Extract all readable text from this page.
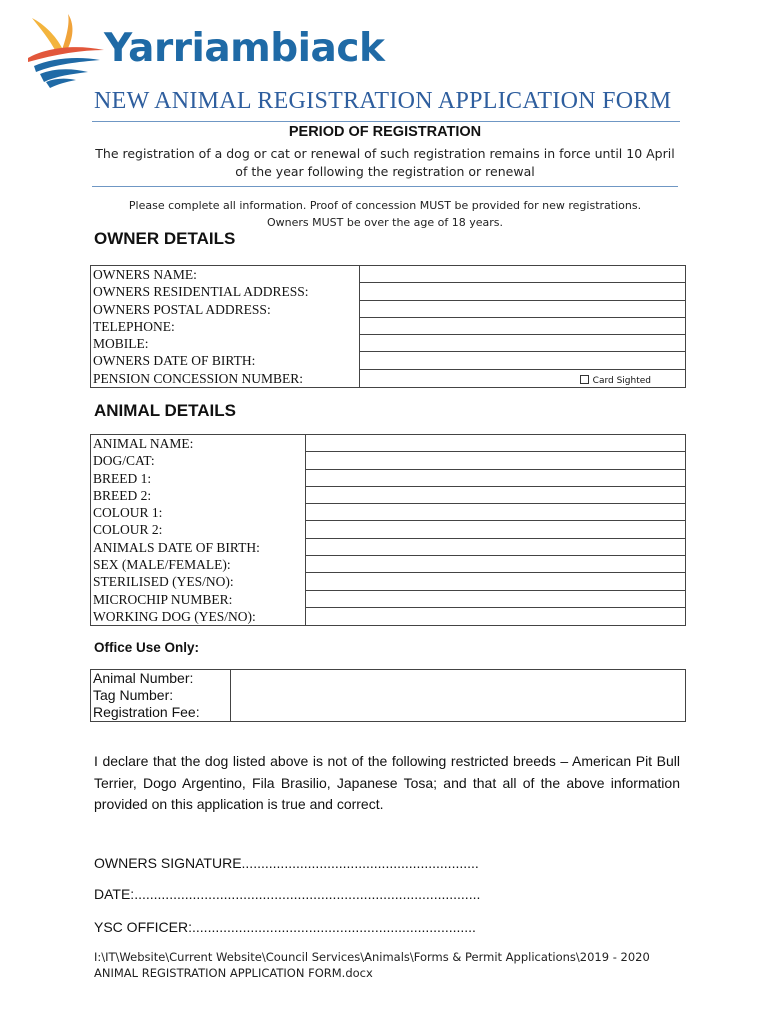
Yarriambiack
NEW ANIMAL REGISTRATION APPLICATION FORM
PERIOD OF REGISTRATION
The registration of a dog or cat or renewal of such registration remains in force until 10 April
of the year following the registration or renewal
Please complete all information. Proof of concession MUST be provided for new registrations.
Owners MUST be over the age of 18 years.
OWNER DETAILS
OWNERS NAME:
OWNERS RESIDENTIAL ADDRESS:
OWNERS POSTAL ADDRESS:
TELEPHONE:
MOBILE:
OWNERS DATE OF BIRTH:
PENSION CONCESSION NUMBER:	Card Sighted
ANIMAL DETAILS
ANIMAL NAME:
DOG/CAT:
BREED 1:
BREED 2:
COLOUR 1:
COLOUR 2:
ANIMALS DATE OF BIRTH:
SEX (MALE/FEMALE):
STERILISED (YES/NO):
MICROCHIP NUMBER:
WORKING DOG (YES/NO):

Office Use Only:
Animal Number:
Tag Number:
Registration Fee:

I declare that the dog listed above is not of the following restricted breeds – American Pit Bull Terrier, Dogo Argentino, Fila Brasilio, Japanese Tosa; and that all of the above information provided on this application is true and correct.
OWNERS SIGNATURE.............................................................
DATE:.........................................................................................
YSC OFFICER:.........................................................................
I:\IT\Website\Current Website\Council Services\Animals\Forms & Permit Applications\2019 - 2020
ANIMAL REGISTRATION APPLICATION FORM.docx
